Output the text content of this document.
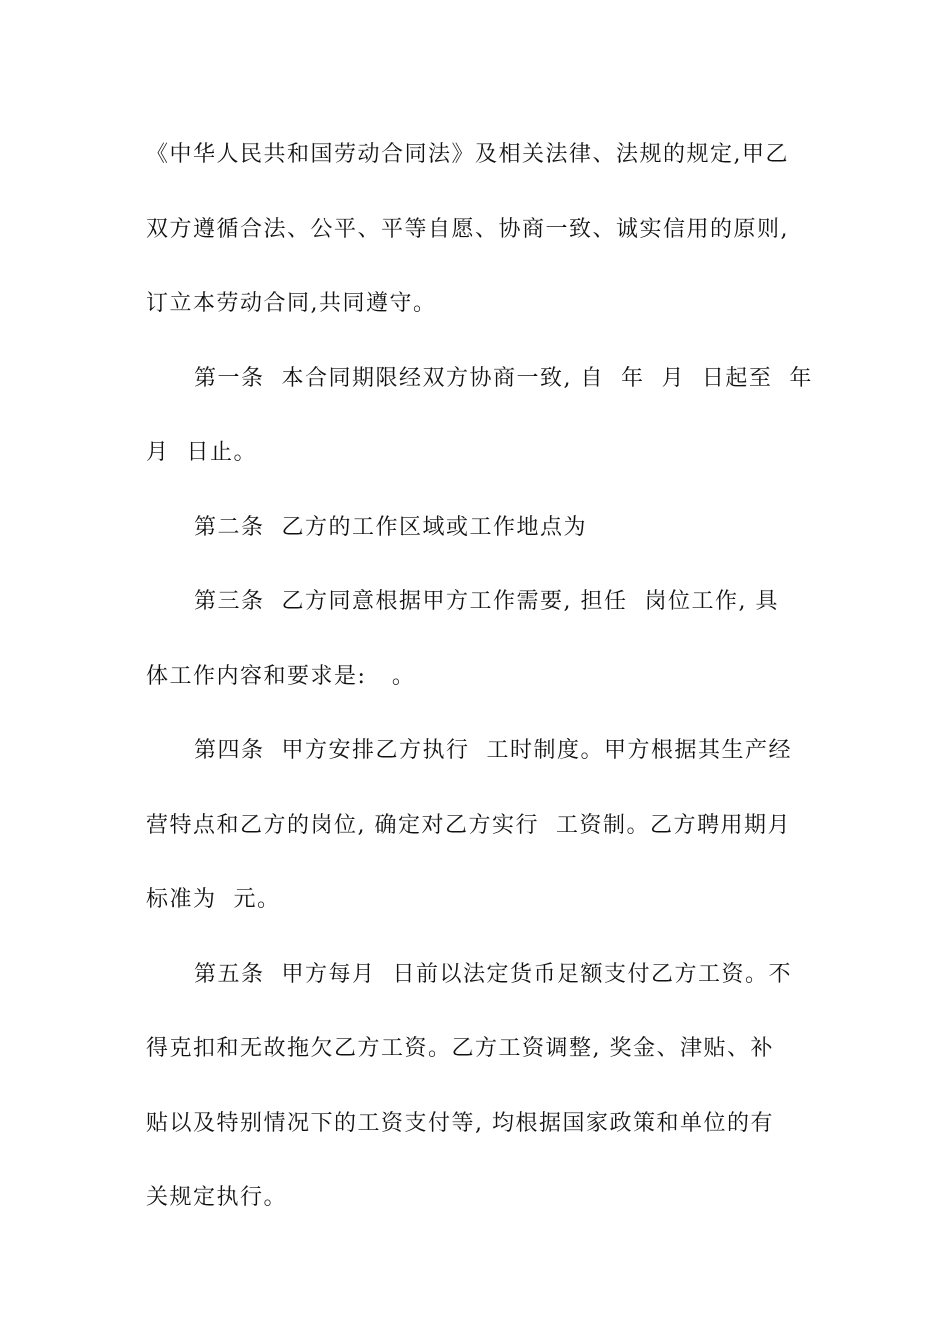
《中华人民共和国劳动合同法》及相关法律、法规的规定,甲乙
双方遵循合法、公平、平等自愿、协商一致、诚实信用的原则,
订立本劳动合同,共同遵守。
第一条  本合同期限经双方协商一致, 自  年  月  日起至  年
月  日止。
第二条  乙方的工作区域或工作地点为
第三条  乙方同意根据甲方工作需要, 担任  岗位工作, 具
体工作内容和要求是:   。
第四条  甲方安排乙方执行  工时制度。甲方根据其生产经
营特点和乙方的岗位, 确定对乙方实行  工资制。乙方聘用期月
标准为  元。
第五条  甲方每月  日前以法定货币足额支付乙方工资。不
得克扣和无故拖欠乙方工资。乙方工资调整, 奖金、津贴、补
贴以及特别情况下的工资支付等, 均根据国家政策和单位的有
关规定执行。
